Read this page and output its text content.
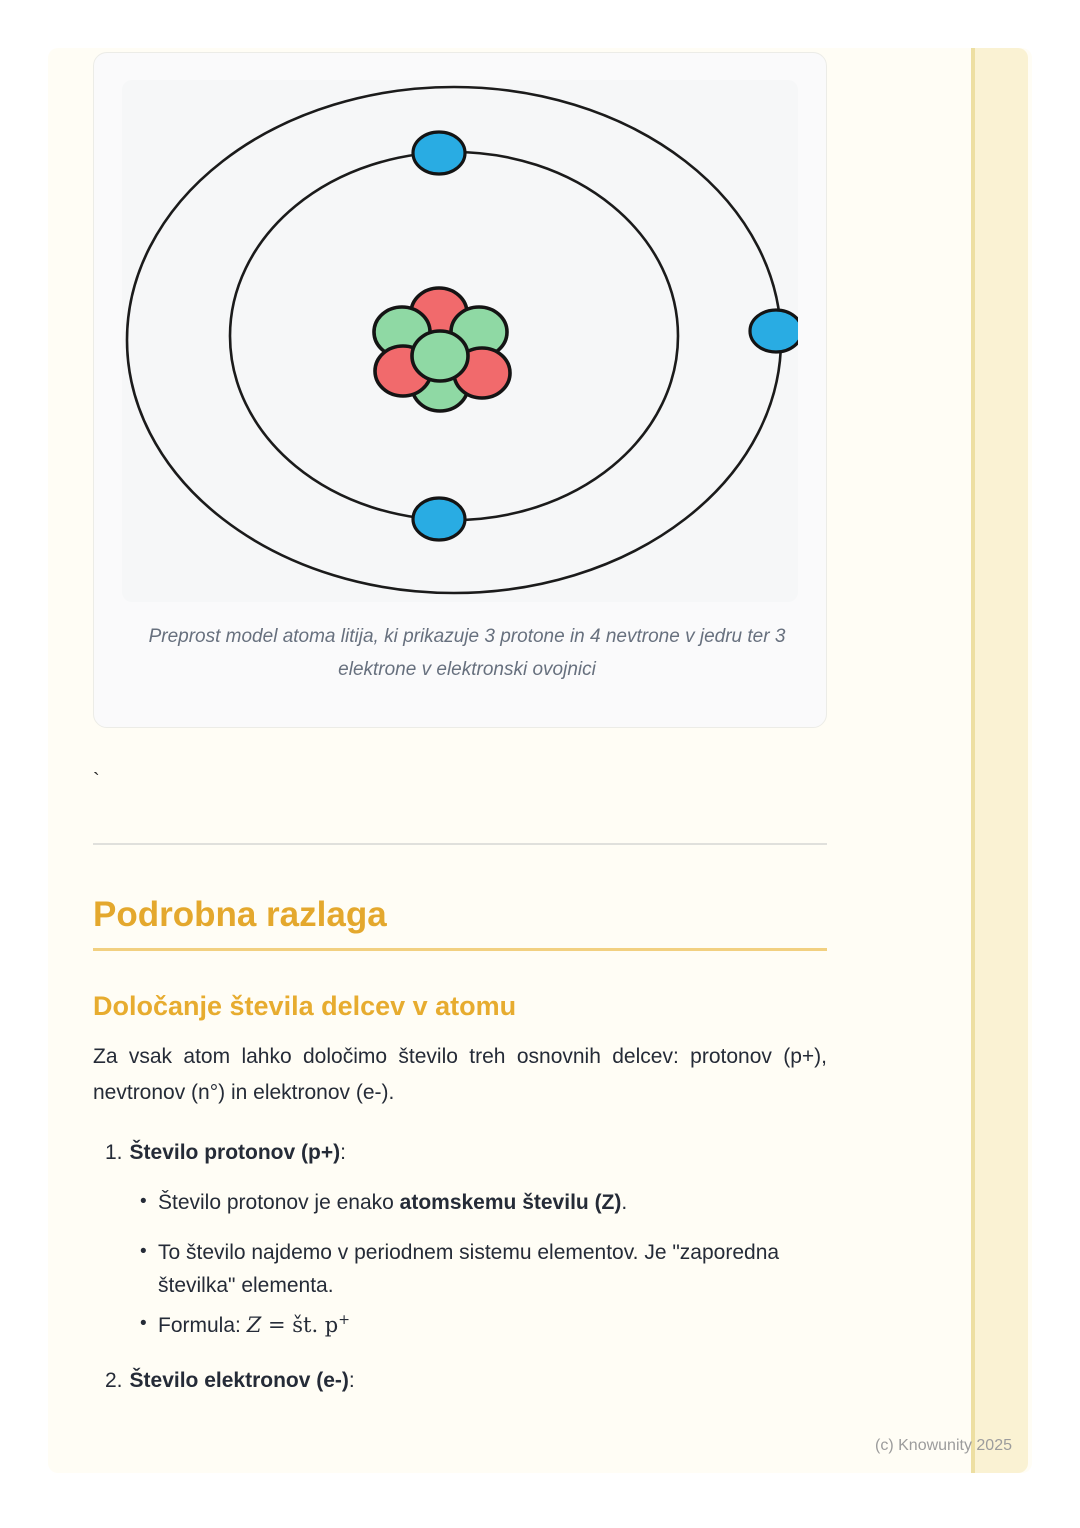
Preprost model atoma litija, ki prikazuje 3 protone in 4 nevtrone v jedru ter 3 elektrone v elektronski ovojnici
`
Podrobna razlaga
Določanje števila delcev v atomu

Za vsak atom lahko določimo število treh osnovnih delcev: protonov (p+), nevtronov (n°) in elektronov (e-).

1. Število protonov (p+):
• Število protonov je enako atomskemu številu (Z).
• To število najdemo v periodnem sistemu elementov. Je "zaporedna številka" elementa.
• Formula: Z = št. p+
2. Število elektronov (e-):
(c) Knowunity 2025
